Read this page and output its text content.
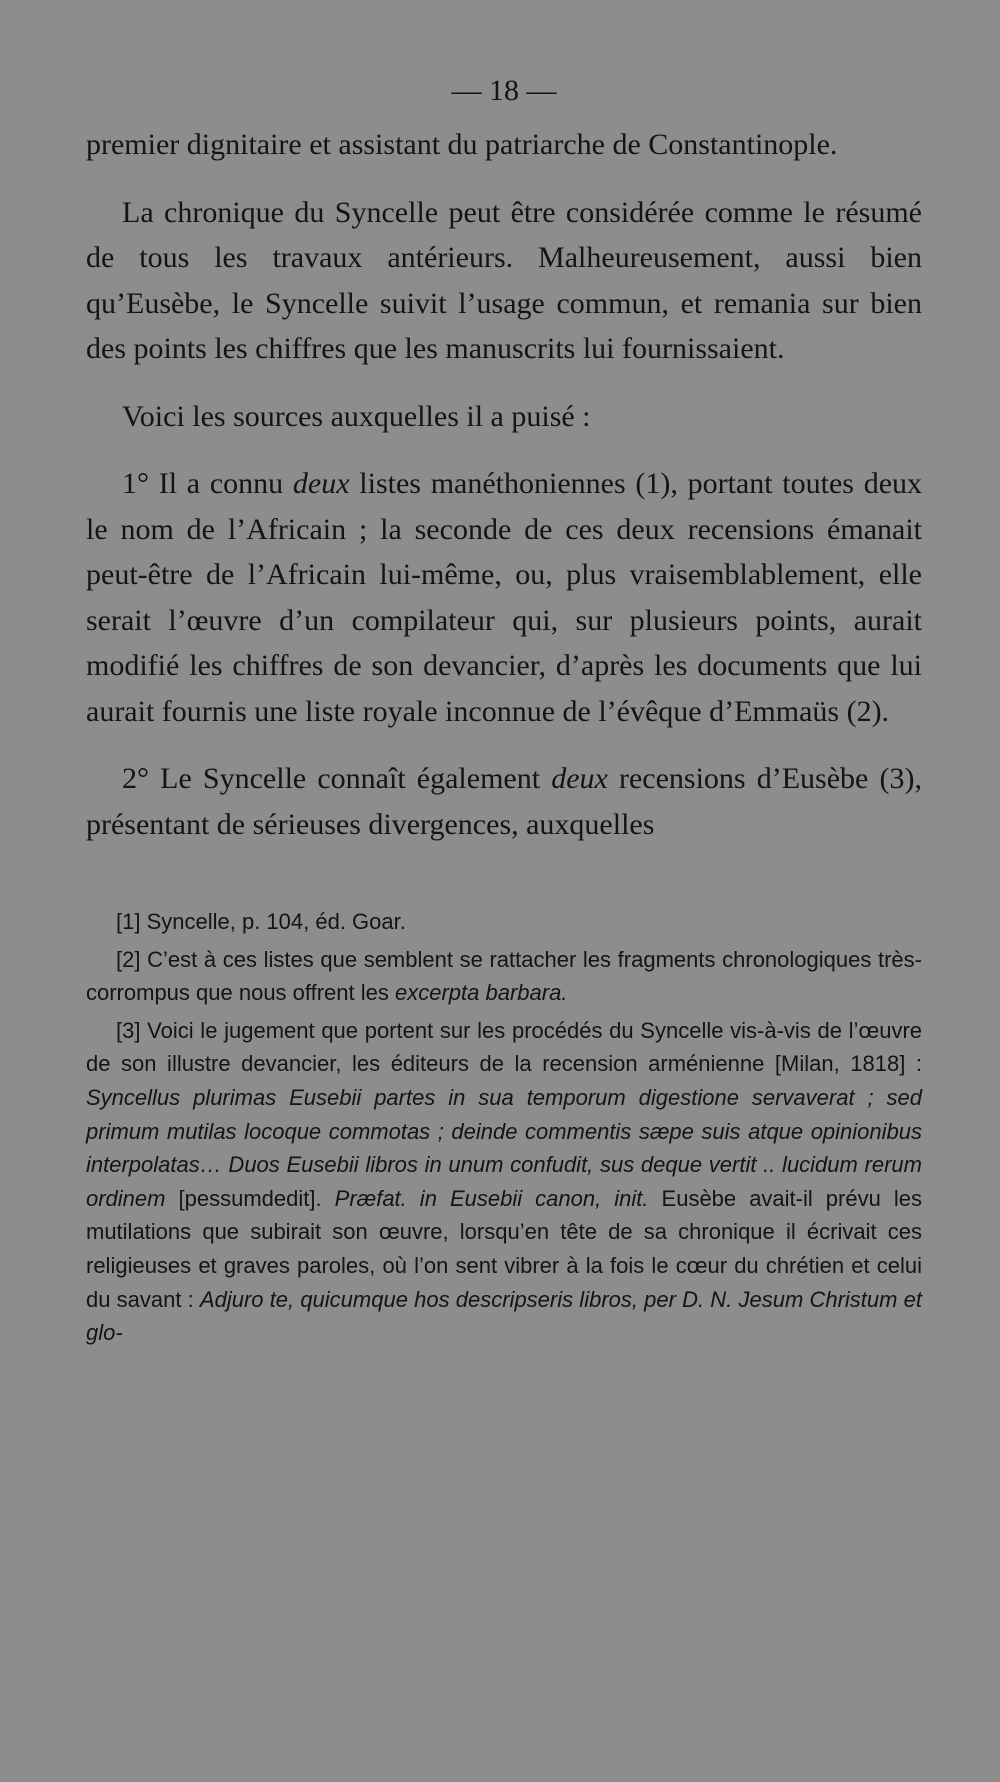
— 18 —

premier dignitaire et assistant du patriarche de Constantinople.

La chronique du Syncelle peut être considérée comme le résumé de tous les travaux antérieurs. Malheureusement, aussi bien qu’Eusèbe, le Syncelle suivit l’usage commun, et remania sur bien des points les chiffres que les manuscrits lui fournissaient.

Voici les sources auxquelles il a puisé :

1° Il a connu deux listes manéthoniennes (1), portant toutes deux le nom de l’Africain ; la seconde de ces deux recensions émanait peut-être de l’Africain lui-même, ou, plus vraisemblablement, elle serait l’œuvre d’un compilateur qui, sur plusieurs points, aurait modifié les chiffres de son devancier, d’après les documents que lui aurait fournis une liste royale inconnue de l’évêque d’Emmaüs (2).

2° Le Syncelle connaît également deux recensions d’Eusèbe (3), présentant de sérieuses divergences, auxquelles

[1] Syncelle, p. 104, éd. Goar.

[2] C’est à ces listes que semblent se rattacher les fragments chronologiques très-corrompus que nous offrent les excerpta barbara.

[3] Voici le jugement que portent sur les procédés du Syncelle vis-à-vis de l’œuvre de son illustre devancier, les éditeurs de la recension arménienne [Milan, 1818] : Syncellus plurimas Eusebii partes in sua temporum digestione servaverat ; sed primum mutilas locoque commotas ; deinde commentis sæpe suis atque opinionibus interpolatas… Duos Eusebii libros in unum confudit, sus deque vertit .. lucidum rerum ordinem [pessumdedit]. Præfat. in Eusebii canon, init. Eusèbe avait-il prévu les mutilations que subirait son œuvre, lorsqu’en tête de sa chronique il écrivait ces religieuses et graves paroles, où l’on sent vibrer à la fois le cœur du chrétien et celui du savant : Adjuro te, quicumque hos descripseris libros, per D. N. Jesum Christum et glo-
